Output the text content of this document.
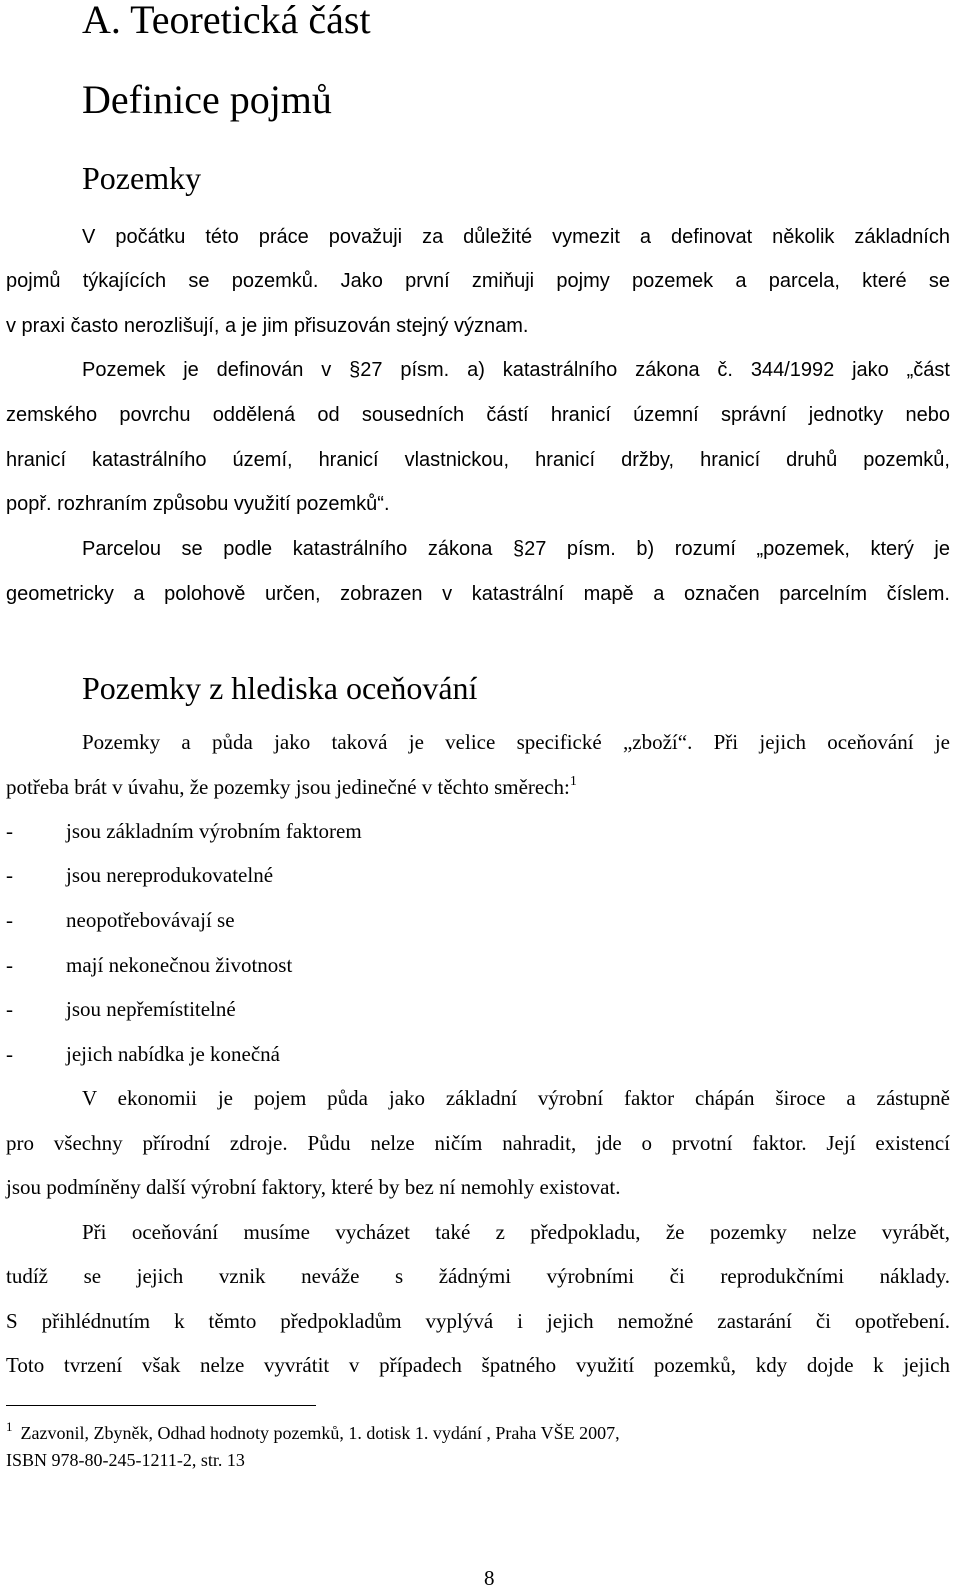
A. Teoretická část
Definice pojmů
Pozemky
V počátku této práce považuji za důležité vymezit a definovat několik základních
pojmů týkajících se pozemků. Jako první zmiňuji pojmy pozemek a parcela, které se
v praxi často nerozlišují, a je jim přisuzován stejný význam.
Pozemek je definován v §27 písm. a) katastrálního zákona č. 344/1992 jako „část
zemského povrchu oddělená od sousedních částí hranicí územní správní jednotky nebo
hranicí katastrálního území, hranicí vlastnickou, hranicí držby, hranicí druhů pozemků,
popř. rozhraním způsobu využití pozemků“.
Parcelou se podle katastrálního zákona §27 písm. b) rozumí „pozemek, který je
geometricky a polohově určen, zobrazen v katastrální mapě a označen parcelním číslem.
Pozemky z hlediska oceňování
Pozemky a půda jako taková je velice specifické „zboží“. Při jejich oceňování je
potřeba brát v úvahu, že pozemky jsou jedinečné v těchto směrech:$^1$
-	jsou základním výrobním faktorem
-	jsou nereprodukovatelné
-	neopotřebovávají se
-	mají nekonečnou životnost
-	jsou nepřemístitelné
-	jejich nabídka je konečná
V ekonomii je pojem půda jako základní výrobní faktor chápán široce a zástupně
pro všechny přírodní zdroje. Půdu nelze ničím nahradit, jde o prvotní faktor. Její existencí
jsou podmíněny další výrobní faktory, které by bez ní nemohly existovat.
Při oceňování musíme vycházet také z předpokladu, že pozemky nelze vyrábět,
tudíž se jejich vznik neváže s žádnými výrobními či reprodukčními náklady.
S přihlédnutím k těmto předpokladům vyplývá i jejich nemožné zastarání či opotřebení.
Toto tvrzení však nelze vyvrátit v případech špatného využití pozemků, kdy dojde k jejich
$^1$ Zazvonil, Zbyněk, Odhad hodnoty pozemků, 1. dotisk 1. vydání , Praha VŠE 2007,
ISBN 978-80-245-1211-2, str. 13
8
